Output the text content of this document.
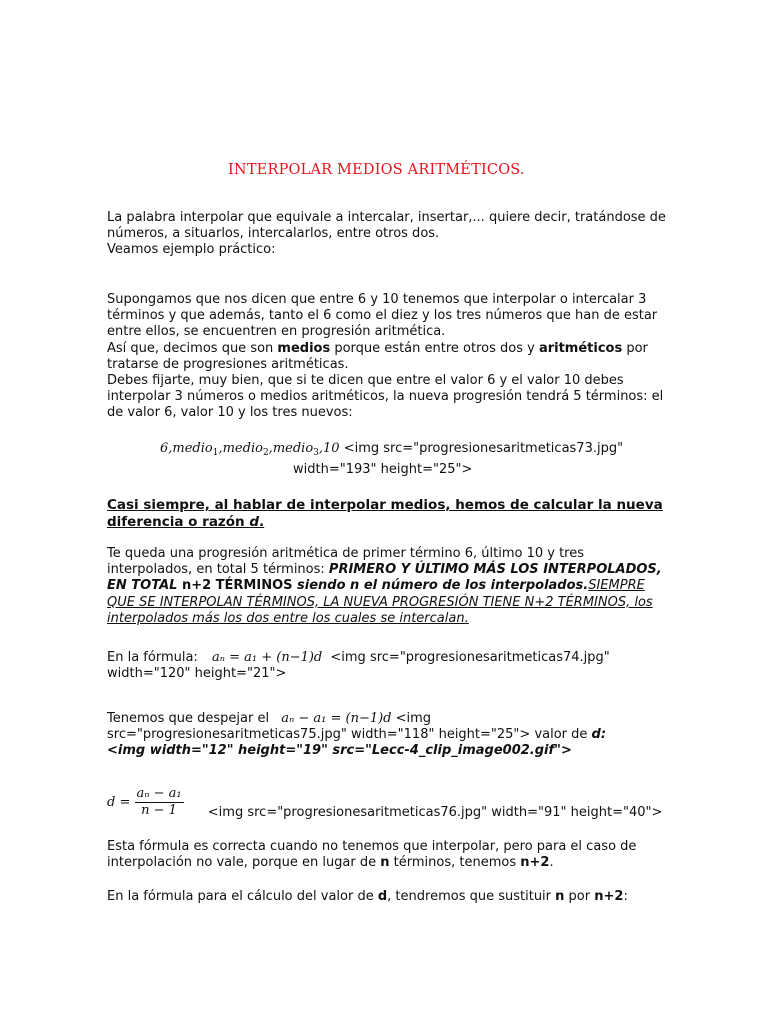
INTERPOLAR MEDIOS ARITMÉTICOS.

La palabra interpolar que equivale a intercalar, insertar,... quiere decir, tratándose de números, a situarlos, intercalarlos, entre otros dos.

Veamos ejemplo práctico:

Supongamos que nos dicen que entre 6 y 10 tenemos que interpolar o intercalar 3 términos y que además, tanto el 6 como el diez y los tres números que han de estar entre ellos, se encuentren en progresión aritmética.

Así que, decimos que son medios porque están entre otros dos y aritméticos por tratarse de progresiones aritméticas.

Debes fijarte, muy bien, que si te dicen que entre el valor 6 y el valor 10 debes interpolar 3 números o medios aritméticos, la nueva progresión tendrá 5 términos: el de valor 6, valor 10 y los tres nuevos:

6,medio$_1$,medio$_2$,medio$_3$,10 <img src="progresionesaritmeticas73.jpg"
width="193" height="25">

Casi siempre, al hablar de interpolar medios, hemos de calcular la nueva diferencia o razón d.

Te queda una progresión aritmética de primer término 6, último 10 y tres interpolados, en total 5 términos: PRIMERO Y ÚLTIMO MÁS LOS INTERPOLADOS, EN TOTAL n+2 TÉRMINOS siendo n el número de los interpolados.SIEMPRE QUE SE INTERPOLAN TÉRMINOS, LA NUEVA PROGRESIÓN TIENE N+2 TÉRMINOS, los interpolados más los dos entre los cuales se intercalan.

En la fórmula: aₙ = a₁ + (n−1)d <img src="progresionesaritmeticas74.jpg"
width="120" height="21">
Tenemos que despejar el aₙ − a₁ = (n−1)d <img
src="progresionesaritmeticas75.jpg" width="118" height="25"> valor de d:
<img width="12" height="19" src="Lecc-4_clip_image002.gif">
$d = \frac{\text{aₙ − a₁}}{n - 1} <img$ src="progresionesaritmeticas76.jpg" width="91" height="40">

Esta fórmula es correcta cuando no tenemos que interpolar, pero para el caso de interpolación no vale, porque en lugar de n términos, tenemos n+2.

En la fórmula para el cálculo del valor de d, tendremos que sustituir n por n+2:
